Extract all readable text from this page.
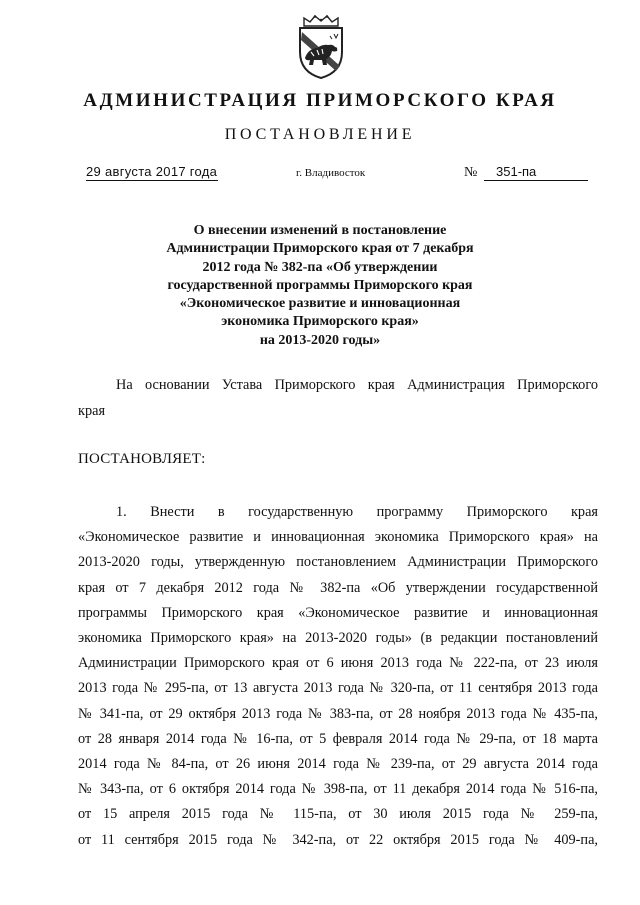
АДМИНИСТРАЦИЯ ПРИМОРСКОГО КРАЯ
ПОСТАНОВЛЕНИЕ
29 августа 2017 года	г. Владивосток	№	351-па
О внесении изменений в постановление
Администрации Приморского края от 7 декабря
2012 года № 382-па «Об утверждении
государственной программы Приморского края
«Экономическое развитие и инновационная
экономика Приморского края»
на 2013-2020 годы»
На основании Устава Приморского края Администрация Приморского
края
ПОСТАНОВЛЯЕТ:
1. Внести в государственную программу Приморского края
«Экономическое развитие и инновационная экономика Приморского края» на
2013-2020 годы, утвержденную постановлением Администрации Приморского
края от 7 декабря 2012 года № 382-па «Об утверждении государственной
программы Приморского края «Экономическое развитие и инновационная
экономика Приморского края» на 2013-2020 годы» (в редакции постановлений
Администрации Приморского края от 6 июня 2013 года № 222-па, от 23 июля
2013 года № 295-па, от 13 августа 2013 года № 320-па, от 11 сентября 2013 года
№ 341-па, от 29 октября 2013 года № 383-па, от 28 ноября 2013 года № 435-па,
от 28 января 2014 года № 16-па, от 5 февраля 2014 года № 29-па, от 18 марта
2014 года № 84-па, от 26 июня 2014 года № 239-па, от 29 августа 2014 года
№ 343-па, от 6 октября 2014 года № 398-па, от 11 декабря 2014 года № 516-па,
от 15 апреля 2015 года № 115-па, от 30 июля 2015 года № 259-па,
от 11 сентября 2015 года № 342-па, от 22 октября 2015 года № 409-па,
